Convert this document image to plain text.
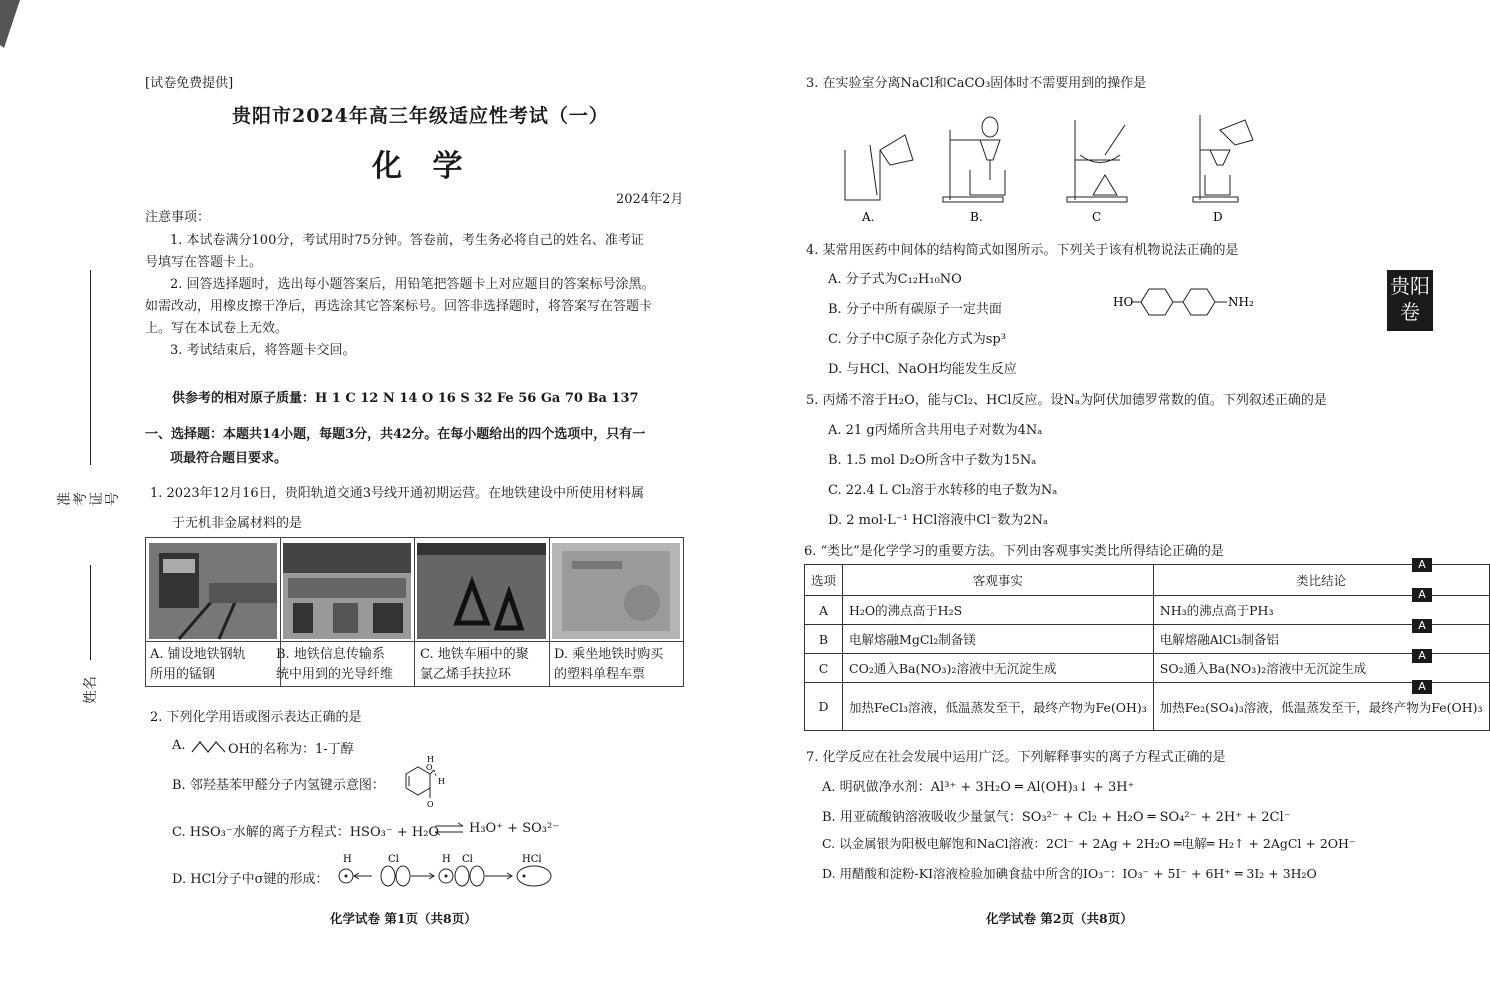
[试卷免费提供]
贵阳市2024年高三年级适应性考试（一）
化 学
2024年2月
注意事项：
1. 本试卷满分100分，考试用时75分钟。答卷前，考生务必将自己的姓名、准考证
号填写在答题卡上。
2. 回答选择题时，选出每小题答案后，用铅笔把答题卡上对应题目的答案标号涂黑。
如需改动，用橡皮擦干净后，再选涂其它答案标号。回答非选择题时，将答案写在答题卡
上。写在本试卷上无效。
3. 考试结束后，将答题卡交回。
供参考的相对原子质量：H 1 C 12 N 14 O 16 S 32 Fe 56 Ga 70 Ba 137
一、选择题：本题共14小题，每题3分，共42分。在每小题给出的四个选项中，只有一
项最符合题目要求。
准考证号
姓名
1. 2023年12月16日，贵阳轨道交通3号线开通初期运营。在地铁建设中所使用材料属
于无机非金属材料的是
A. 铺设地铁钢轨
所用的锰钢
B. 地铁信息传输系
统中用到的光导纤维
C. 地铁车厢中的聚
氯乙烯手扶拉环
D. 乘坐地铁时购买
的塑料单程车票
2. 下列化学用语或图示表达正确的是
A.	OH的名称为：1-丁醇
B. 邻羟基苯甲醛分子内氢键示意图：
H
O
H
O
C. HSO₃⁻水解的离子方程式：HSO₃⁻ + H₂O ⇌ H₃O⁺ + SO₃²⁻
D. HCl分子中σ键的形成：
H	Cl	H Cl	HCl
化学试卷 第1页（共8页）
3. 在实验室分离NaCl和CaCO₃固体时不需要用到的操作是
A.	B.	C	D
4. 某常用医药中间体的结构简式如图所示。下列关于该有机物说法正确的是
A. 分子式为C₁₂H₁₀NO
B. 分子中所有碳原子一定共面
C. 分子中C原子杂化方式为sp³
D. 与HCl、NaOH均能发生反应
HO	NH₂
5. 丙烯不溶于H₂O，能与Cl₂、HCl反应。设Nₐ为阿伏加德罗常数的值。下列叙述正确的是
A. 21 g丙烯所含共用电子对数为4Nₐ
B. 1.5 mol D₂O所含中子数为15Nₐ
C. 22.4 L Cl₂溶于水转移的电子数为Nₐ
D. 2 mol·L⁻¹ HCl溶液中Cl⁻数为2Nₐ
6. “类比”是化学学习的重要方法。下列由客观事实类比所得结论正确的是
选项	客观事实	类比结论
A	H₂O的沸点高于H₂S	NH₃的沸点高于PH₃
B	电解熔融MgCl₂制备镁	电解熔融AlCl₃制备铝
C	CO₂通入Ba(NO₃)₂溶液中无沉淀生成	SO₂通入Ba(NO₃)₂溶液中无沉淀生成
D	加热FeCl₃溶液，低温蒸发至干，最终产物为Fe(OH)₃	加热Fe₂(SO₄)₃溶液，低温蒸发至干，最终产物为Fe(OH)₃
7. 化学反应在社会发展中运用广泛。下列解释事实的离子方程式正确的是
A. 明矾做净水剂：Al³⁺ + 3H₂O ═ Al(OH)₃↓ + 3H⁺
B. 用亚硫酸钠溶液吸收少量氯气：SO₃²⁻ + Cl₂ + H₂O ═ SO₄²⁻ + 2H⁺ + 2Cl⁻
C. 以金属银为阳极电解饱和NaCl溶液：2Cl⁻ + 2Ag + 2H₂O ═电解═ H₂↑ + 2AgCl + 2OH⁻
D. 用醋酸和淀粉-KI溶液检验加碘食盐中所含的IO₃⁻：IO₃⁻ + 5I⁻ + 6H⁺ ═ 3I₂ + 3H₂O
化学试卷 第2页（共8页）
贵阳
卷
A
A
A
A
A
